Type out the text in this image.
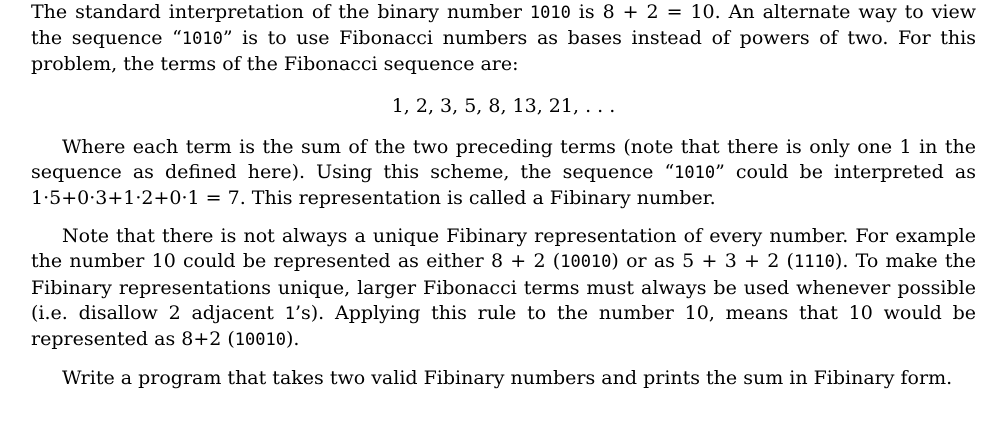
The standard interpretation of the binary number 1010 is 8 + 2 = 10. An alternate way to view the sequence “1010” is to use Fibonacci numbers as bases instead of powers of two. For this problem, the terms of the Fibonacci sequence are:

1, 2, 3, 5, 8, 13, 21, . . .

Where each term is the sum of the two preceding terms (note that there is only one 1 in the sequence as defined here). Using this scheme, the sequence “1010” could be interpreted as 1·5+0·3+1·2+0·1 = 7. This representation is called a Fibinary number.

Note that there is not always a unique Fibinary representation of every number. For example the number 10 could be represented as either 8 + 2 (10010) or as 5 + 3 + 2 (1110). To make the Fibinary representations unique, larger Fibonacci terms must always be used whenever possible (i.e. disallow 2 adjacent 1’s). Applying this rule to the number 10, means that 10 would be represented as 8+2 (10010).

Write a program that takes two valid Fibinary numbers and prints the sum in Fibinary form.
